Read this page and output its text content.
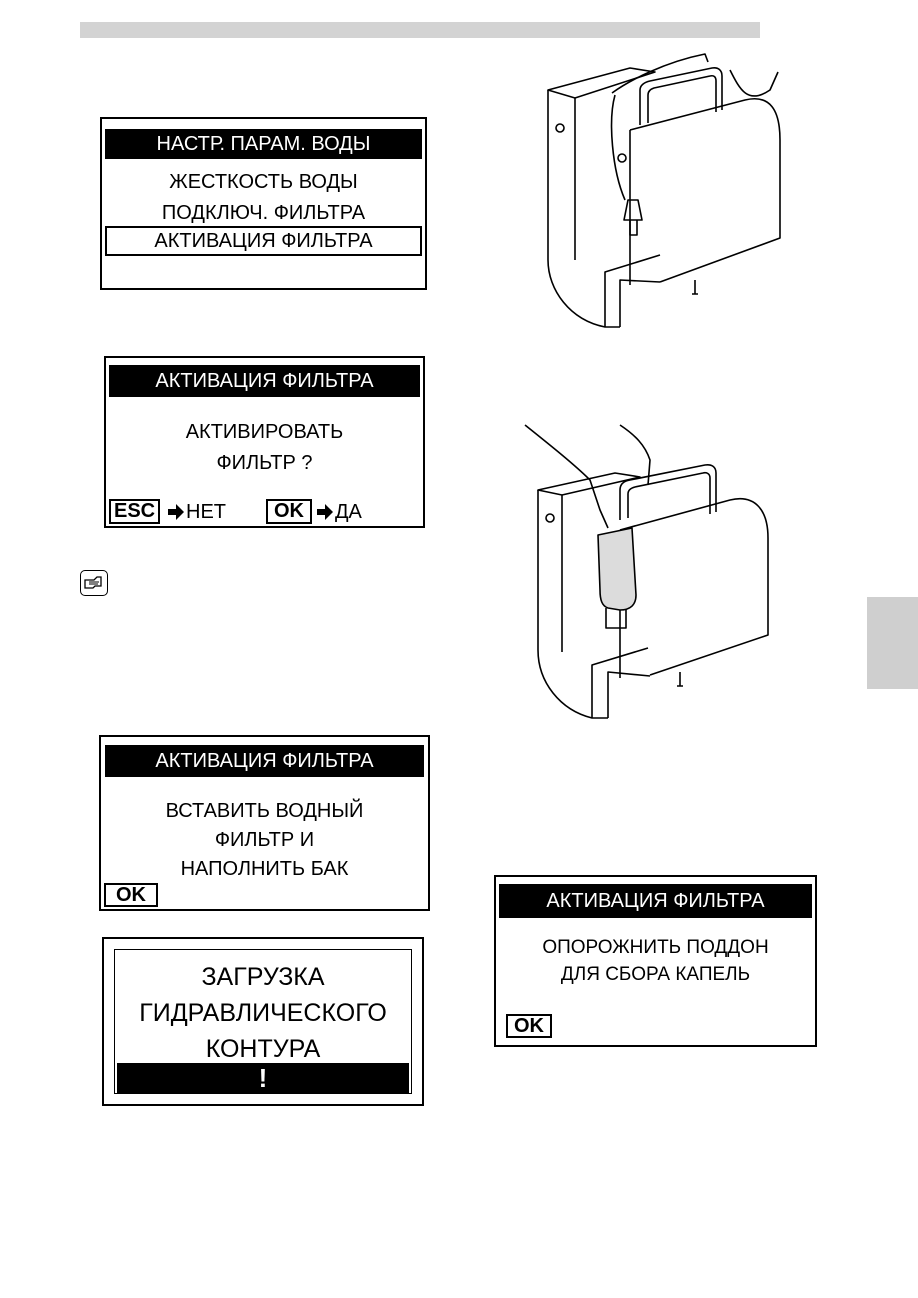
НАСТР. ПАРАМ. ВОДЫ
ЖЕСТКОСТЬ ВОДЫ
ПОДКЛЮЧ. ФИЛЬТРА
АКТИВАЦИЯ ФИЛЬТРА
АКТИВАЦИЯ ФИЛЬТРА
АКТИВИРОВАТЬ
ФИЛЬТР ?
ESC НЕТ	OK	ДА
АКТИВАЦИЯ ФИЛЬТРА
ВСТАВИТЬ ВОДНЫЙ
ФИЛЬТР И
НАПОЛНИТЬ БАК
OK
ЗАГРУЗКА
ГИДРАВЛИЧЕСКОГО
КОНТУРА
!
АКТИВАЦИЯ ФИЛЬТРА
ОПОРОЖНИТЬ ПОДДОН
ДЛЯ СБОРА КАПЕЛЬ
OK
